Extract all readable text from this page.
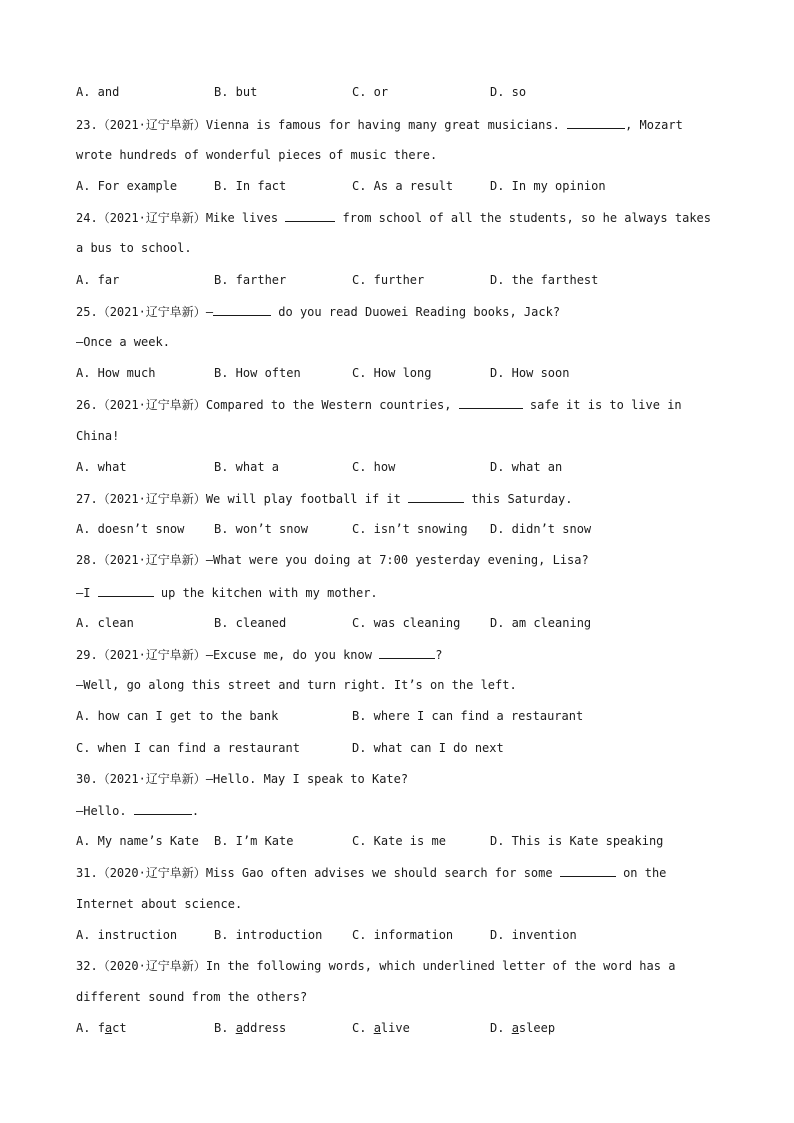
A. and	B. but	C. or	D. so
23.（2021·辽宁阜新）Vienna is famous for having many great musicians.	, Mozart
wrote hundreds of wonderful pieces of music there.
A. For example	B. In fact	C. As a result	D. In my opinion
24.（2021·辽宁阜新）Mike lives	from school of all the students, so he always takes
a bus to school.
A. far	B. farther	C. further	D. the farthest
25.（2021·辽宁阜新）—	do you read Duowei Reading books, Jack?
—Once a week.
A. How much	B. How often	C. How long	D. How soon
26.（2021·辽宁阜新）Compared to the Western countries,	safe it is to live in
China!
A. what	B. what a	C. how	D. what an
27.（2021·辽宁阜新）We will play football if it	this Saturday.
A. doesn’t snow B. won’t snow	C. isn’t snowing D. didn’t snow
28.（2021·辽宁阜新）—What were you doing at 7:00 yesterday evening, Lisa?
—I	up the kitchen with my mother.
A. clean	B. cleaned	C. was cleaning D. am cleaning
29.（2021·辽宁阜新）—Excuse me, do you know	?
—Well, go along this street and turn right. It’s on the left.
A. how can I get to the bank	B. where I can find a restaurant
C. when I can find a restaurant	D. what can I do next
30.（2021·辽宁阜新）—Hello. May I speak to Kate?
—Hello.	.
A. My name’s Kate B. I’m Kate	C. Kate is me	D. This is Kate speaking
31.（2020·辽宁阜新）Miss Gao often advises we should search for some	on the
Internet about science.
A. instruction	B. introduction C. information	D. invention
32.（2020·辽宁阜新）In the following words, which underlined letter of the word has a
different sound from the others?
A. fact	B. address	C. alive	D. asleep
